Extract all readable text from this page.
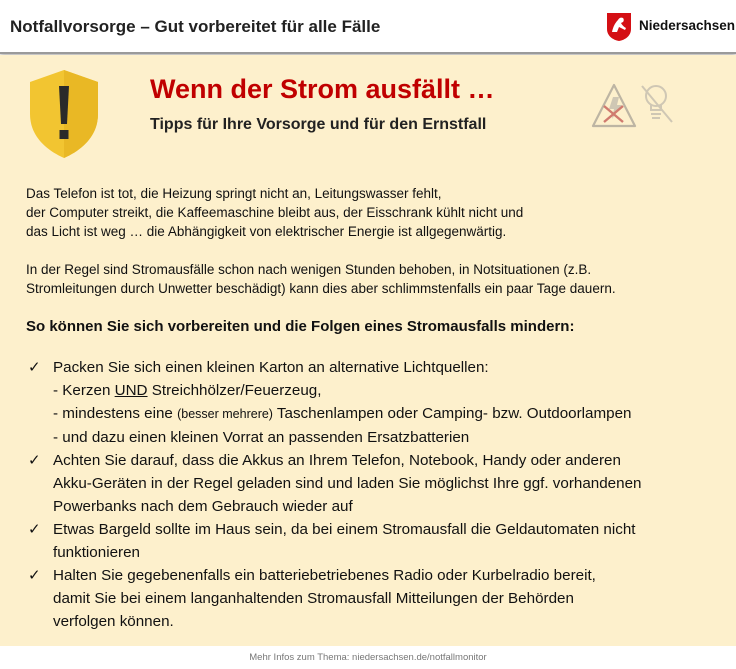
Notfallvorsorge – Gut vorbereitet für alle Fälle	Niedersachsen
Wenn der Strom ausfällt …
Tipps für Ihre Vorsorge und für den Ernstfall
Das Telefon ist tot, die Heizung springt nicht an, Leitungswasser fehlt,
der Computer streikt, die Kaffeemaschine bleibt aus, der Eisschrank kühlt nicht und
das Licht ist weg … die Abhängigkeit von elektrischer Energie ist allgegenwärtig.
In der Regel sind Stromausfälle schon nach wenigen Stunden behoben, in Notsituationen (z.B.
Stromleitungen durch Unwetter beschädigt) kann dies aber schlimmstenfalls ein paar Tage dauern.
So können Sie sich vorbereiten und die Folgen eines Stromausfalls mindern:
✓ Packen Sie sich einen kleinen Karton an alternative Lichtquellen:
- Kerzen UND Streichhölzer/Feuerzeug,
- mindestens eine (besser mehrere) Taschenlampen oder Camping- bzw. Outdoorlampen
- und dazu einen kleinen Vorrat an passenden Ersatzbatterien
✓ Achten Sie darauf, dass die Akkus an Ihrem Telefon, Notebook, Handy oder anderen
Akku-Geräten in der Regel geladen sind und laden Sie möglichst Ihre ggf. vorhandenen
Powerbanks nach dem Gebrauch wieder auf
✓ Etwas Bargeld sollte im Haus sein, da bei einem Stromausfall die Geldautomaten nicht
funktionieren
✓ Halten Sie gegebenenfalls ein batteriebetriebenes Radio oder Kurbelradio bereit,
damit Sie bei einem langanhaltenden Stromausfall Mitteilungen der Behörden
verfolgen können.
Mehr Infos zum Thema: niedersachsen.de/notfallmonitor
